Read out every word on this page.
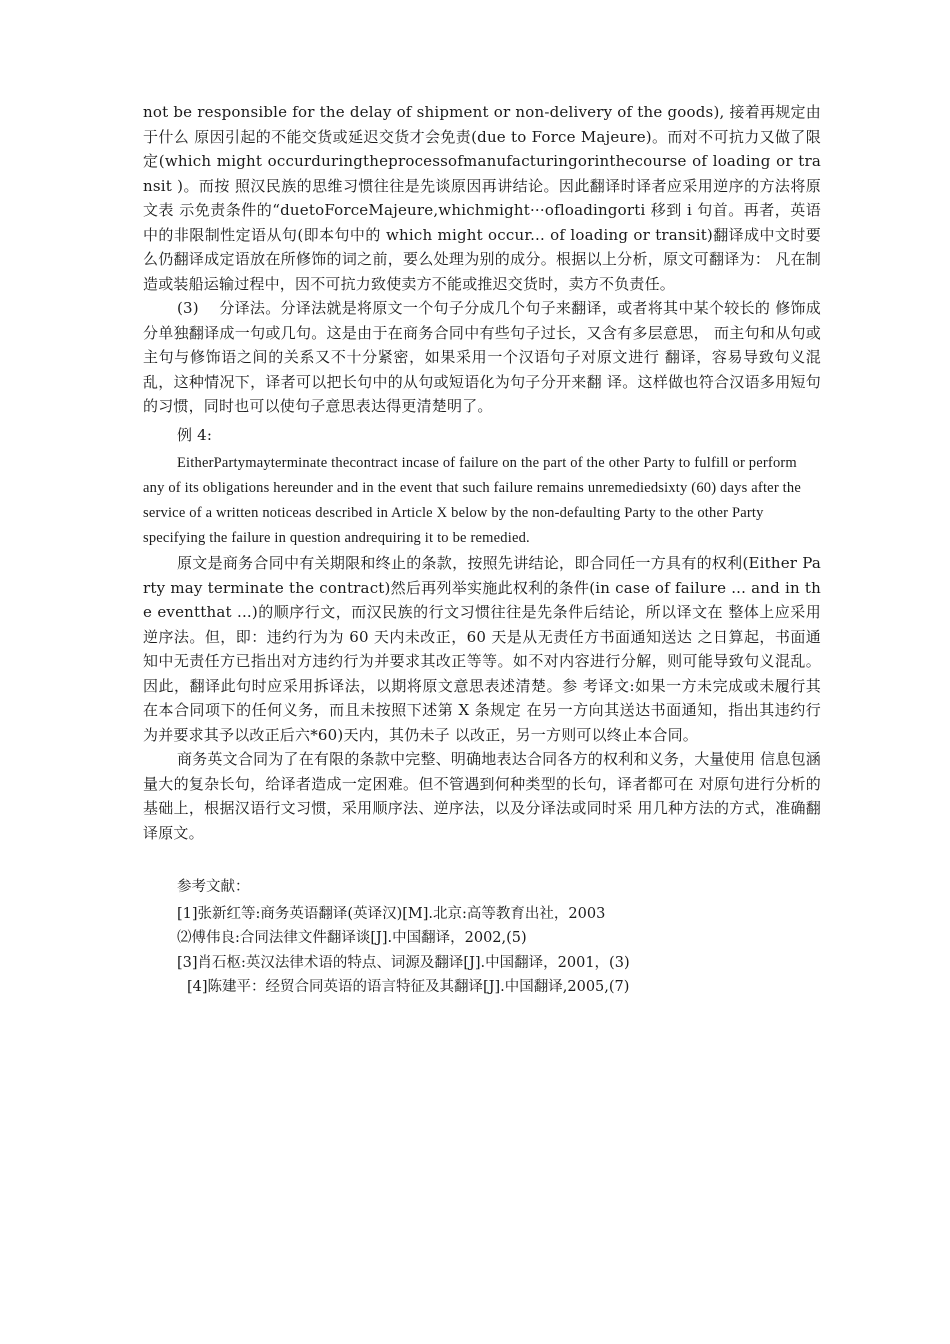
not be responsible for the delay of shipment or non-delivery of the goods), 接着再规定由于什么 原因引起的不能交货或延迟交货才会免责(due to Force Majeure)。而对不可抗力又做了限定(which might occurduringtheprocessofmanufacturingorinthecourse of loading or transit )。而按 照汉民族的思维习惯往往是先谈原因再讲结论。因此翻译时译者应采用逆序的方法将原文表 示免责条件的“duetoForceMajeure,whichmight···ofloadingorti 移到 i 句首。再者，英语中的非限制性定语从句(即本句中的 which might occur... of loading or transit)翻译成中文时要 么仍翻译成定语放在所修饰的词之前，要么处理为别的成分。根据以上分析，原文可翻译为： 凡在制造或装船运输过程中，因不可抗力致使卖方不能或推迟交货时，卖方不负责任。

(3)　 分译法。分译法就是将原文一个句子分成几个句子来翻译，或者将其中某个较长的 修饰成分单独翻译成一句或几句。这是由于在商务合同中有些句子过长，又含有多层意思， 而主句和从句或主句与修饰语之间的关系又不十分紧密，如果采用一个汉语句子对原文进行 翻译，容易导致句义混乱，这种情况下，译者可以把长句中的从句或短语化为句子分开来翻 译。这样做也符合汉语多用短句的习惯，同时也可以使句子意思表达得更清楚明了。

例 4:

EitherPartymayterminate thecontract incase of failure on the part of the other Party to fulfill or perform any of its obligations hereunder and in the event that such failure remains unremediedsixty (60) days after the service of a written noticeas described in Article X below by the non-defaulting Party to the other Party specifying the failure in question andrequiring it to be remedied.

原文是商务合同中有关期限和终止的条款，按照先讲结论，即合同任一方具有的权利(Either Party may terminate the contract)然后再列举实施此权利的条件(in case of failure ... and in the eventthat ...)的顺序行文，而汉民族的行文习惯往往是先条件后结论，所以译文在 整体上应采用逆序法。但，即：违约行为为 60 天内未改正，60 天是从无责任方书面通知送达 之日算起，书面通知中无责任方已指出对方违约行为并要求其改正等等。如不对内容进行分解，则可能导致句义混乱。因此，翻译此句时应采用拆译法，以期将原文意思表述清楚。参 考译文:如果一方未完成或未履行其在本合同项下的任何义务，而且未按照下述第 X 条规定 在另一方向其送达书面通知，指出其违约行为并要求其予以改正后六*60)天内，其仍未子 以改正，另一方则可以终止本合同。

商务英文合同为了在有限的条款中完整、明确地表达合同各方的权利和义务，大量使用 信息包涵量大的复杂长句，给译者造成一定困难。但不管遇到何种类型的长句，译者都可在 对原句进行分析的基础上，根据汉语行文习惯，采用顺序法、逆序法，以及分译法或同时采 用几种方法的方式，准确翻译原文。

参考文献：
[1]张新红等:商务英语翻译(英译汉)[M].北京:高等教育出社，2003
⑵傅伟良:合同法律文件翻译谈[J].中国翻译，2002,(5)
[3]肖石枢:英汉法律术语的特点、词源及翻译[J].中国翻译，2001，(3)
[4]陈建平：经贸合同英语的语言特征及其翻译[J].中国翻译,2005,(7)
